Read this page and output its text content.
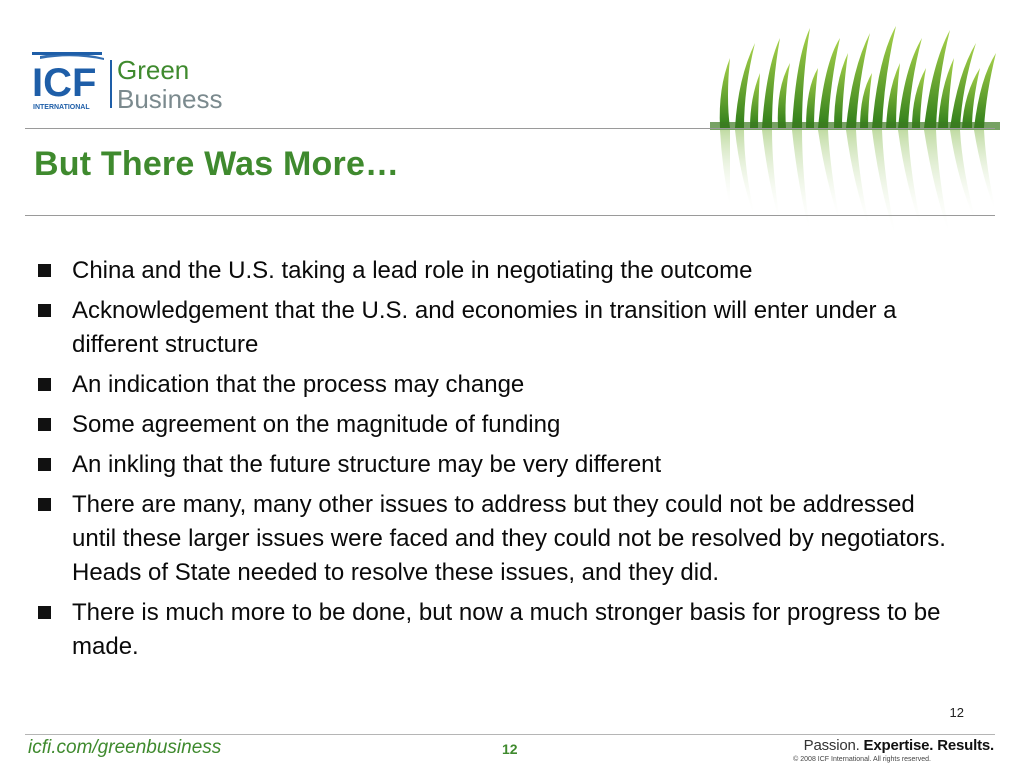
ICF
INTERNATIONAL
Green
Business
But There Was More…
China and the U.S. taking a lead role in negotiating the outcome
Acknowledgement that the U.S. and economies in transition will enter under a different structure
An indication that the process may change
Some agreement on the magnitude of funding
An inkling that the future structure may be very different
There are many, many other issues to address but they could not be addressed until these larger issues were faced and they could not be resolved by negotiators. Heads of State needed to resolve these issues, and they did.
There is much more to be done, but now a much stronger basis for progress to be made.
12
icfi.com/greenbusiness	12	Passion. Expertise. Results.
© 2008 ICF International. All rights reserved.
